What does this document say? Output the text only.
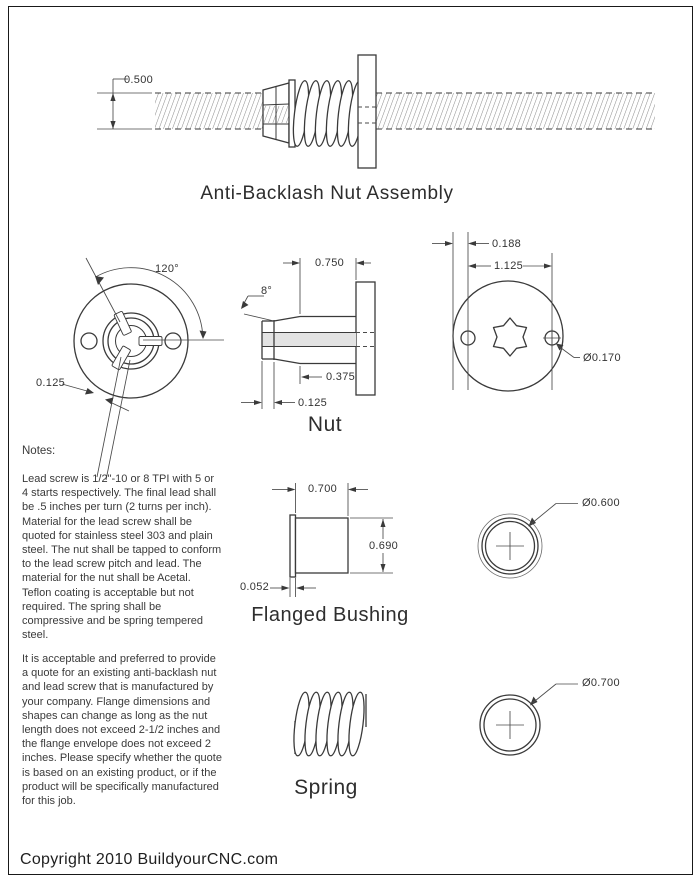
Anti-Backlash Nut Assembly
0.500
120°
0.125
0.750
8°
0.375
0.125
0.188
1.125
Ø0.170
0.700
0.690
0.052
Ø0.600
Ø0.700
Nut
Flanged Bushing
Spring
Notes:
Lead screw is 1/2"-10 or 8 TPI with 5 or 4 starts respectively. The final lead shall be .5 inches per turn (2 turns per inch). Material for the lead screw shall be quoted for stainless steel 303 and plain steel. The nut shall be tapped to conform to the lead screw pitch and lead. The material for the nut shall be Acetal. Teflon coating is acceptable but not required. The spring shall be compressive and be spring tempered steel.
It is acceptable and preferred to provide a quote for an existing anti-backlash nut and lead screw that is manufactured by your company. Flange dimensions and shapes can change as long as the nut length does not exceed 2-1/2 inches and the flange envelope does not exceed 2 inches. Please specify whether the quote is based on an existing product, or if the product will be specifically manufactured for this job.
Copyright 2010 BuildyourCNC.com
